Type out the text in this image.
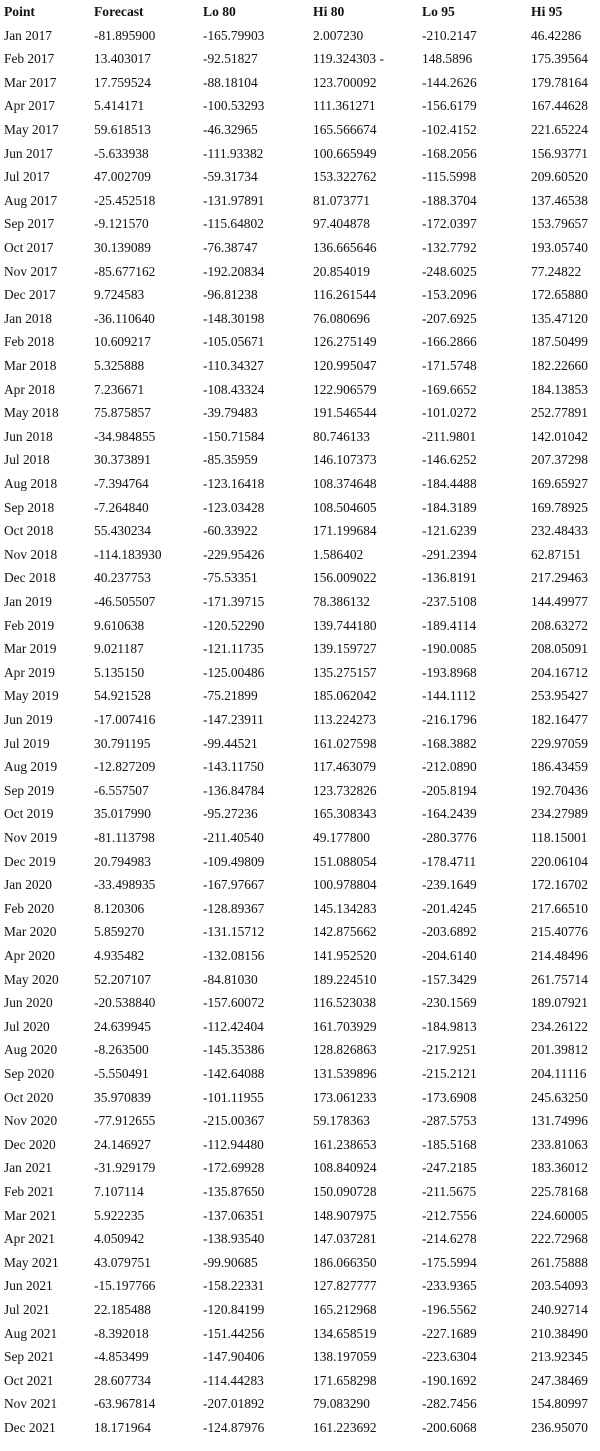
Point	Forecast	Lo 80	Hi 80	Lo 95	Hi 95
Jan 2017	-81.895900	-165.79903	2.007230	-210.2147	46.42286
Feb 2017	13.403017	-92.51827	119.324303 -	148.5896	175.39564
Mar 2017	17.759524	-88.18104	123.700092	-144.2626	179.78164
Apr 2017	5.414171	-100.53293	111.361271	-156.6179	167.44628
May 2017	59.618513	-46.32965	165.566674	-102.4152	221.65224
Jun 2017	-5.633938	-111.93382	100.665949	-168.2056	156.93771
Jul 2017	47.002709	-59.31734	153.322762	-115.5998	209.60520
Aug 2017	-25.452518	-131.97891	81.073771	-188.3704	137.46538
Sep 2017	-9.121570	-115.64802	97.404878	-172.0397	153.79657
Oct 2017	30.139089	-76.38747	136.665646	-132.7792	193.05740
Nov 2017	-85.677162	-192.20834	20.854019	-248.6025	77.24822
Dec 2017	9.724583	-96.81238	116.261544	-153.2096	172.65880
Jan 2018	-36.110640	-148.30198	76.080696	-207.6925	135.47120
Feb 2018	10.609217	-105.05671	126.275149	-166.2866	187.50499
Mar 2018	5.325888	-110.34327	120.995047	-171.5748	182.22660
Apr 2018	7.236671	-108.43324	122.906579	-169.6652	184.13853
May 2018	75.875857	-39.79483	191.546544	-101.0272	252.77891
Jun 2018	-34.984855	-150.71584	80.746133	-211.9801	142.01042
Jul 2018	30.373891	-85.35959	146.107373	-146.6252	207.37298
Aug 2018	-7.394764	-123.16418	108.374648	-184.4488	169.65927
Sep 2018	-7.264840	-123.03428	108.504605	-184.3189	169.78925
Oct 2018	55.430234	-60.33922	171.199684	-121.6239	232.48433
Nov 2018	-114.183930	-229.95426	1.586402	-291.2394	62.87151
Dec 2018	40.237753	-75.53351	156.009022	-136.8191	217.29463
Jan 2019	-46.505507	-171.39715	78.386132	-237.5108	144.49977
Feb 2019	9.610638	-120.52290	139.744180	-189.4114	208.63272
Mar 2019	9.021187	-121.11735	139.159727	-190.0085	208.05091
Apr 2019	5.135150	-125.00486	135.275157	-193.8968	204.16712
May 2019	54.921528	-75.21899	185.062042	-144.1112	253.95427
Jun 2019	-17.007416	-147.23911	113.224273	-216.1796	182.16477
Jul 2019	30.791195	-99.44521	161.027598	-168.3882	229.97059
Aug 2019	-12.827209	-143.11750	117.463079	-212.0890	186.43459
Sep 2019	-6.557507	-136.84784	123.732826	-205.8194	192.70436
Oct 2019	35.017990	-95.27236	165.308343	-164.2439	234.27989
Nov 2019	-81.113798	-211.40540	49.177800	-280.3776	118.15001
Dec 2019	20.794983	-109.49809	151.088054	-178.4711	220.06104
Jan 2020	-33.498935	-167.97667	100.978804	-239.1649	172.16702
Feb 2020	8.120306	-128.89367	145.134283	-201.4245	217.66510
Mar 2020	5.859270	-131.15712	142.875662	-203.6892	215.40776
Apr 2020	4.935482	-132.08156	141.952520	-204.6140	214.48496
May 2020	52.207107	-84.81030	189.224510	-157.3429	261.75714
Jun 2020	-20.538840	-157.60072	116.523038	-230.1569	189.07921
Jul 2020	24.639945	-112.42404	161.703929	-184.9813	234.26122
Aug 2020	-8.263500	-145.35386	128.826863	-217.9251	201.39812
Sep 2020	-5.550491	-142.64088	131.539896	-215.2121	204.11116
Oct 2020	35.970839	-101.11955	173.061233	-173.6908	245.63250
Nov 2020	-77.912655	-215.00367	59.178363	-287.5753	131.74996
Dec 2020	24.146927	-112.94480	161.238653	-185.5168	233.81063
Jan 2021	-31.929179	-172.69928	108.840924	-247.2185	183.36012
Feb 2021	7.107114	-135.87650	150.090728	-211.5675	225.78168
Mar 2021	5.922235	-137.06351	148.907975	-212.7556	224.60005
Apr 2021	4.050942	-138.93540	147.037281	-214.6278	222.72968
May 2021	43.079751	-99.90685	186.066350	-175.5994	261.75888
Jun 2021	-15.197766	-158.22331	127.827777	-233.9365	203.54093
Jul 2021	22.185488	-120.84199	165.212968	-196.5562	240.92714
Aug 2021	-8.392018	-151.44256	134.658519	-227.1689	210.38490
Sep 2021	-4.853499	-147.90406	138.197059	-223.6304	213.92345
Oct 2021	28.607734	-114.44283	171.658298	-190.1692	247.38469
Nov 2021	-63.967814	-207.01892	79.083290	-282.7456	154.80997
Dec 2021	18.171964	-124.87976	161.223692	-200.6068	236.95070
